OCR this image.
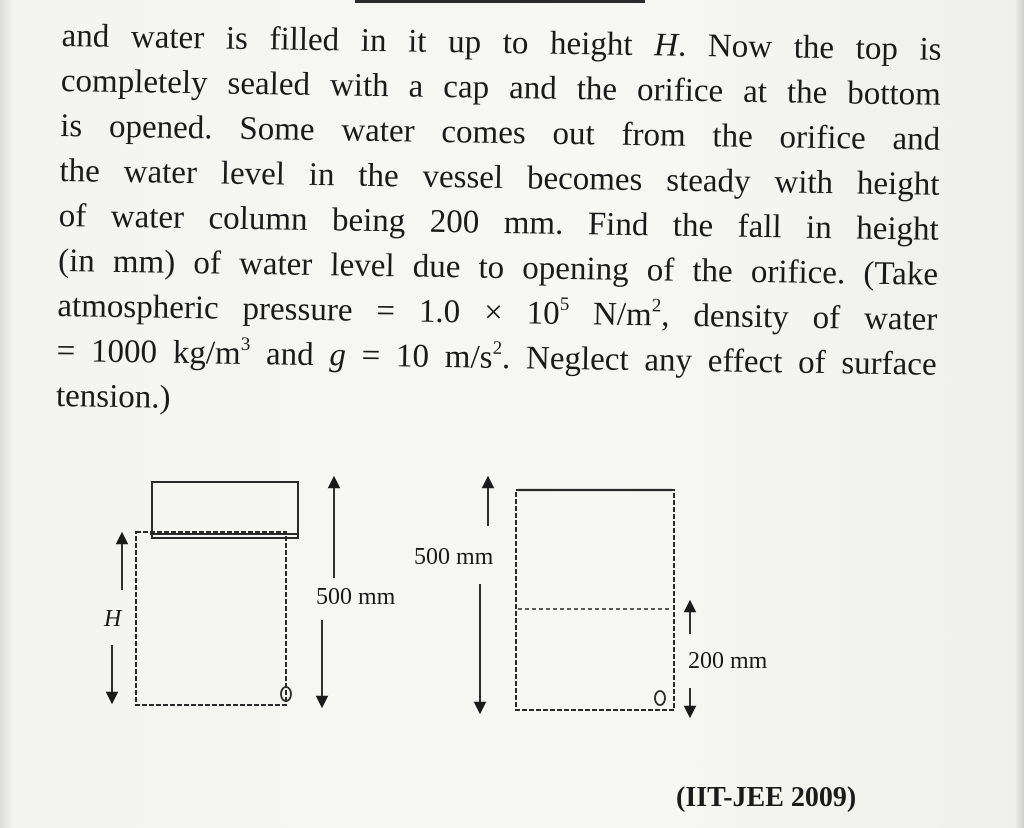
and water is filled in it up to height H. Now the top is
completely sealed with a cap and the orifice at the bottom
is opened. Some water comes out from the orifice and
the water level in the vessel becomes steady with height
of water column being 200 mm. Find the fall in height
(in mm) of water level due to opening of the orifice. (Take
atmospheric pressure = $1.0 \times 10^5$ $N/m^2$, density of water
= 1000 $kg/m^3$ and g = 10 $m/s^2$. Neglect any effect of surface
tension.)
H
500 mm
500 mm
200 mm
(IIT-JEE 2009)
